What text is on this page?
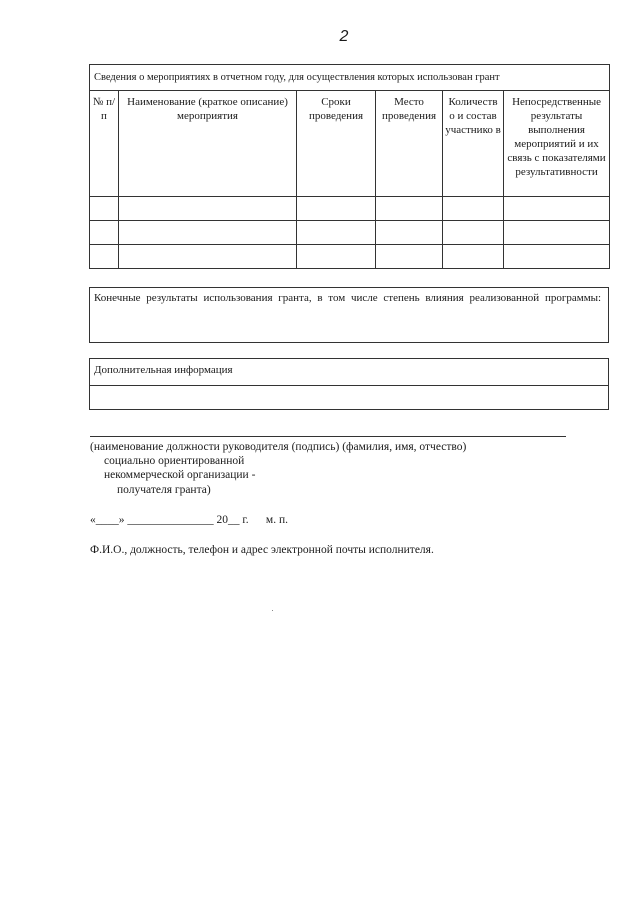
2
Сведения о мероприятиях в отчетном году, для осуществления которых использован грант					
№ п/п	Наименование (краткое описание) мероприятия	Сроки проведения	Место проведения	Количеств о и состав участнико в	Непосредственные результаты выполнения мероприятий и их связь с показателями результативности

Конечные результаты использования гранта, в том числе степень влияния реализованной программы:
Дополнительная информация
(наименование должности руководителя (подпись) (фамилия, имя, отчество)
социально ориентированной
некоммерческой организации -
получателя гранта)
«____» _______________ 20__ г.      м. п.
Ф.И.О., должность, телефон и адрес электронной почты исполнителя.
